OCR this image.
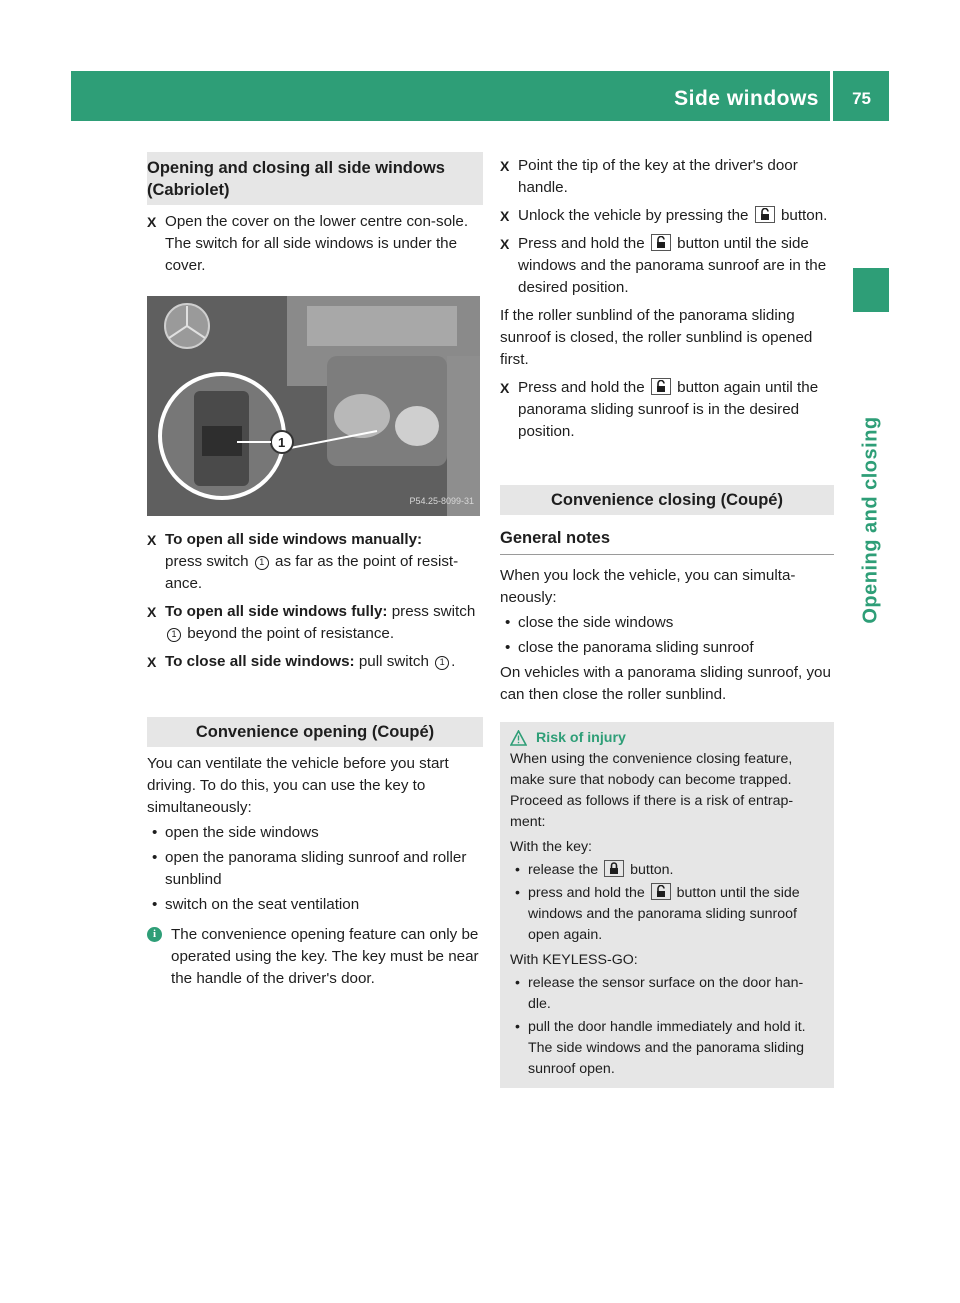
Side windows 75
Opening and closing
Opening and closing all side windows (Cabriolet)
X Open the cover on the lower centre con-sole.
The switch for all side windows is under the cover.
1
P54.25-8099-31
X To open all side windows manually:
press switch 1 as far as the point of resist-ance.
X To open all side windows fully: press switch 1 beyond the point of resistance.
X To close all side windows: pull switch 1 .
Convenience opening (Coupé)
You can ventilate the vehicle before you start driving. To do this, you can use the key to simultaneously:
• open the side windows
• open the panorama sliding sunroof and roller sunblind
• switch on the seat ventilation
i The convenience opening feature can only be operated using the key. The key must be near the handle of the driver's door.
X Point the tip of the key at the driver's door handle.
X Unlock the vehicle by pressing the button.
X Press and hold the button until the side windows and the panorama sunroof are in the desired position.
If the roller sunblind of the panorama sliding sunroof is closed, the roller sunblind is opened first.
X Press and hold the button again until the panorama sliding sunroof is in the desired position.
Convenience closing (Coupé)
General notes
When you lock the vehicle, you can simulta-neously:
• close the side windows
• close the panorama sliding sunroof
On vehicles with a panorama sliding sunroof, you can then close the roller sunblind.
Risk of injury
When using the convenience closing feature, make sure that nobody can become trapped. Proceed as follows if there is a risk of entrap-ment:
With the key:
• release the button.
• press and hold the button until the side windows and the panorama sliding sunroof open again.
With KEYLESS-GO:
• release the sensor surface on the door han-dle.
• pull the door handle immediately and hold it.
The side windows and the panorama sliding sunroof open.
